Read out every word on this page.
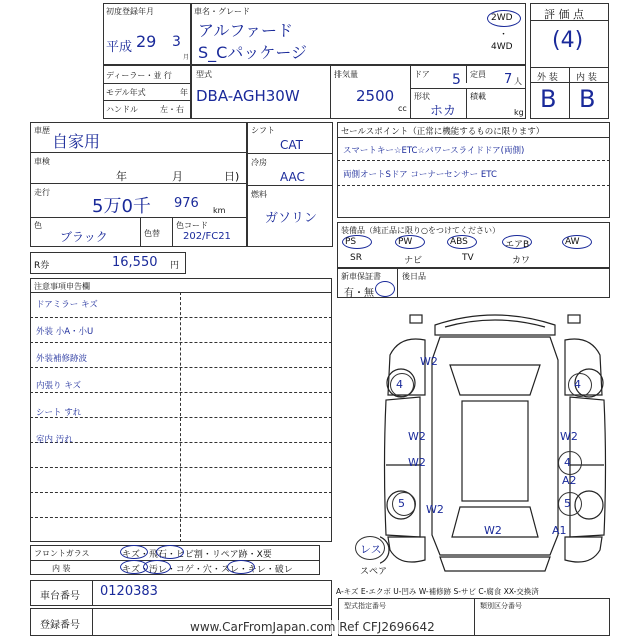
初度登録年月
平成 29 3
月
車名・グレード
アルファード
S_Cパッケージ
2WD
・
4WD
評 価 点
(4)
外 装 内 装
B B
ディーラー・並 行
モデル年式	年
ハンドル	左・右
型式
DBA-AGH30W
排気量
2500
cc
ドア 5 定員 7 人
形状
ホカ
積載
kg
車歴
自家用
車検
年	月	日)
走行
5万0千 976 km
色
ブラック	色替
色コード
202/FC21
シフト
CAT
冷房
AAC
燃料
ガソリン
R券	16,550 円
セールスポイント（正常に機能するものに限ります）
スマートキー☆ETC☆パワースライドドア(両側)
両側オートSドア コーナーセンサー ETC
装備品（純正品に限り○をつけてください）
PS	PW	ABS	エアB	AW
SR	ナビ	TV	カワ
新車保証書
有・無
後日品
注意事項申告欄
ドアミラー キズ
外装 小A・小U
外装補修跡波
内張り キズ
シート すれ
室内 汚れ
フロントガラス	キズ・飛石・ヒビ割・リペア跡・X要
内 装	キズ・汚レ・コゲ・穴・スレ・キレ・破レ
W2
4	4
W2
W2
W2
4
A2
5	5
W2
W2	A1
レス
スペア
A-キズ E-エクボ U-凹み W-補修跡 S-サビ C-腐食 XX-交換済
車台番号 0120383
登録番号
型式指定番号	類別区分番号
www.CarFromJapan.com Ref CFJ2696642
